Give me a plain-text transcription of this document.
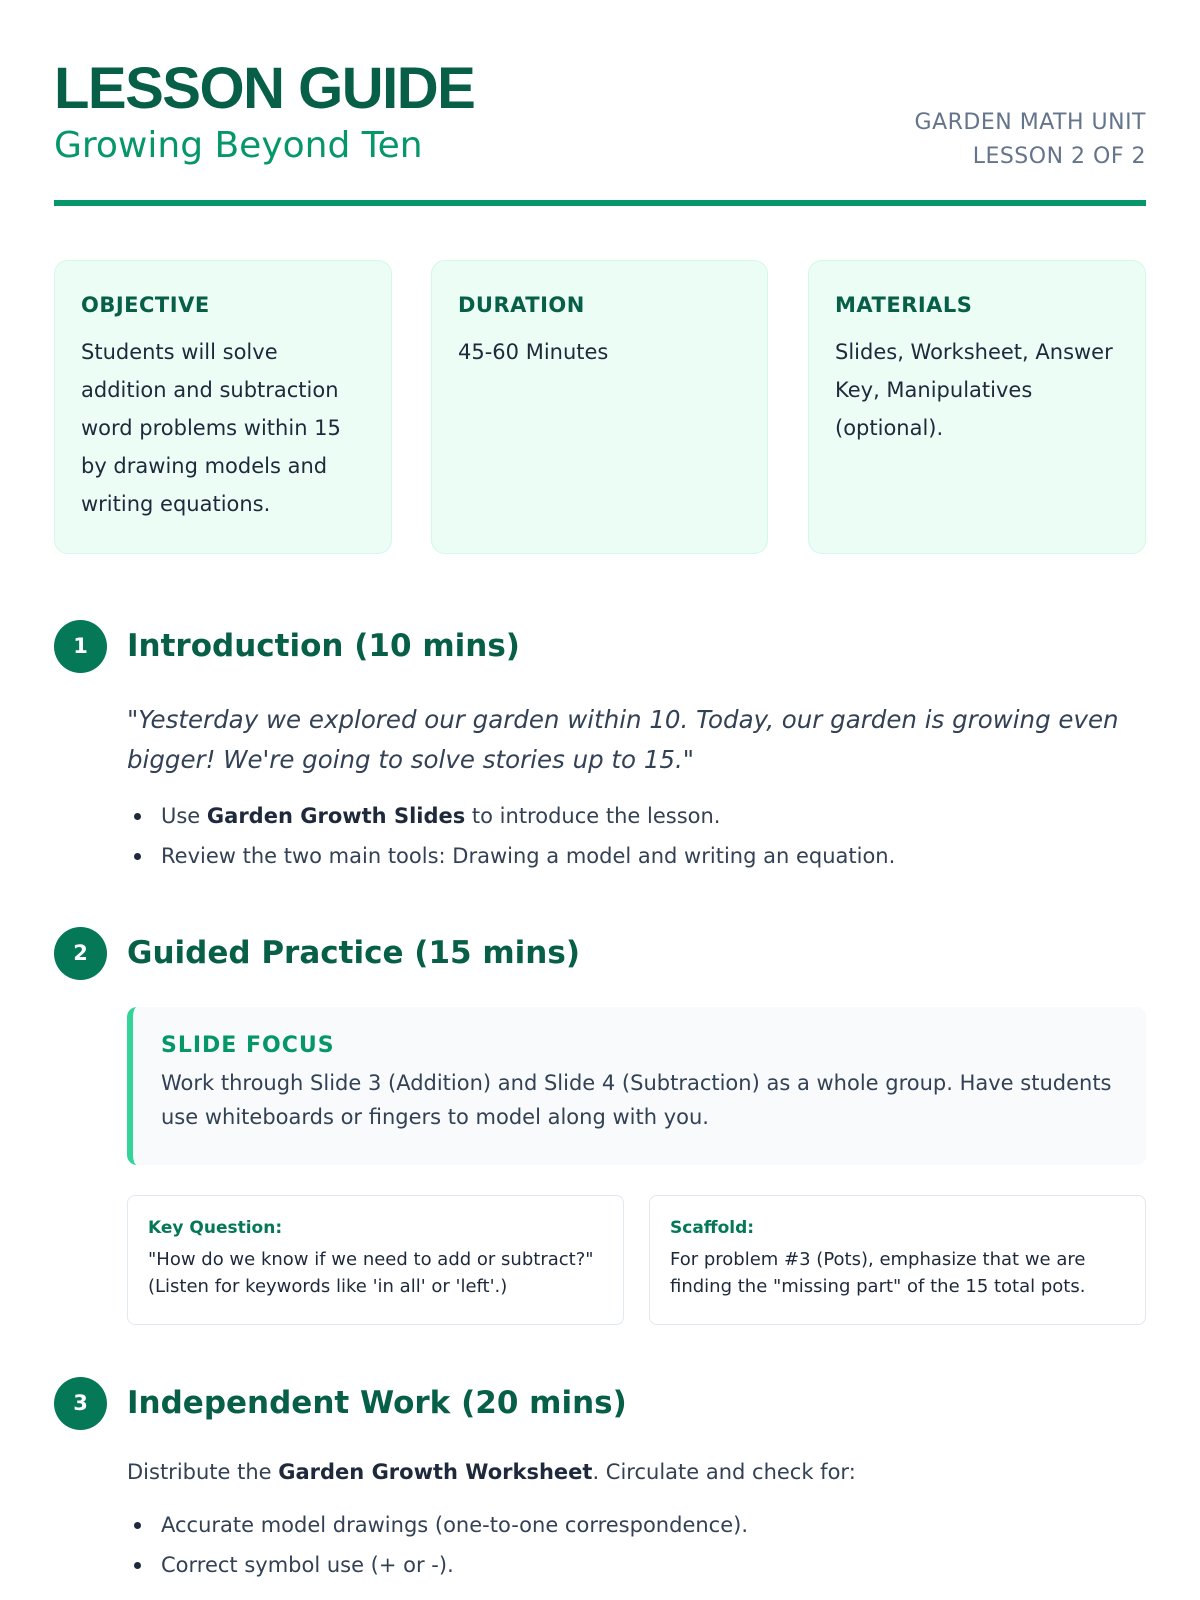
LESSON GUIDE
Growing Beyond Ten
GARDEN MATH UNIT
LESSON 2 OF 2
OBJECTIVE
Students will solve addition and subtraction word problems within 15 by drawing models and writing equations.
DURATION
45-60 Minutes
MATERIALS
Slides, Worksheet, Answer Key, Manipulatives (optional).
1	Introduction (10 mins)
"Yesterday we explored our garden within 10. Today, our garden is growing even bigger! We're going to solve stories up to 15."
Use Garden Growth Slides to introduce the lesson.
Review the two main tools: Drawing a model and writing an equation.
2	Guided Practice (15 mins)
SLIDE FOCUS
Work through Slide 3 (Addition) and Slide 4 (Subtraction) as a whole group. Have students use whiteboards or fingers to model along with you.
Key Question:
"How do we know if we need to add or subtract?" (Listen for keywords like 'in all' or 'left'.)
Scaffold:
For problem #3 (Pots), emphasize that we are finding the "missing part" of the 15 total pots.
3	Independent Work (20 mins)
Distribute the Garden Growth Worksheet. Circulate and check for:
Accurate model drawings (one-to-one correspondence).
Correct symbol use (+ or -).
